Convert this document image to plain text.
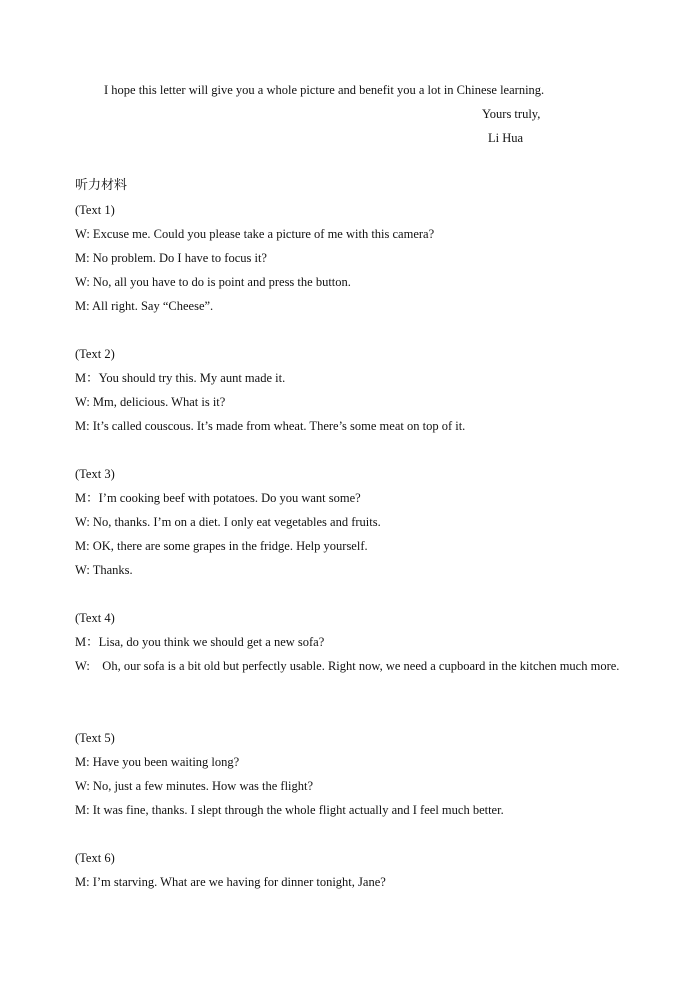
I hope this letter will give you a whole picture and benefit you a lot in Chinese learning.
Yours truly,
Li Hua
听力材料
(Text 1)
W: Excuse me. Could you please take a picture of me with this camera?
M: No problem. Do I have to focus it?
W: No, all you have to do is point and press the button.
M: All right. Say “Cheese”.
(Text 2)
M：You should try this. My aunt made it.
W: Mm, delicious. What is it?
M: It’s called couscous. It’s made from wheat. There’s some meat on top of it.
(Text 3)
M：I’m cooking beef with potatoes. Do you want some?
W: No, thanks. I’m on a diet. I only eat vegetables and fruits.
M: OK, there are some grapes in the fridge. Help yourself.
W: Thanks.
(Text 4)
M：Lisa, do you think we should get a new sofa?
W:    Oh, our sofa is a bit old but perfectly usable. Right now, we need a cupboard in the kitchen much more.
(Text 5)
M: Have you been waiting long?
W: No, just a few minutes. How was the flight?
M: It was fine, thanks. I slept through the whole flight actually and I feel much better.
(Text 6)
M: I’m starving. What are we having for dinner tonight, Jane?
